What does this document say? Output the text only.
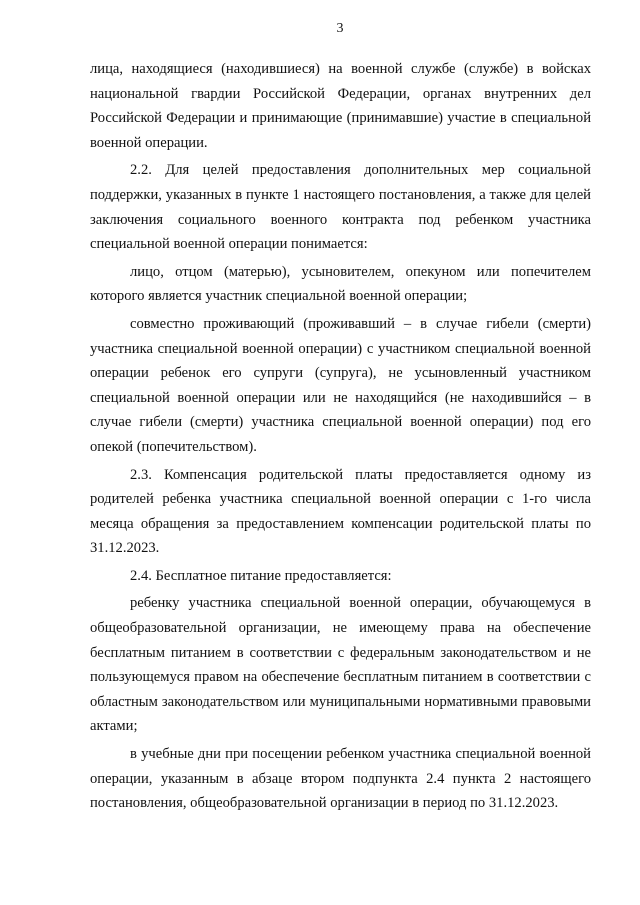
3

лица, находящиеся (находившиеся) на военной службе (службе) в войсках национальной гвардии Российской Федерации, органах внутренних дел Российской Федерации и принимающие (принимавшие) участие в специальной военной операции.

2.2. Для целей предоставления дополнительных мер социальной поддержки, указанных в пункте 1 настоящего постановления, а также для целей заключения социального военного контракта под ребенком участника специальной военной операции понимается:

лицо, отцом (матерью), усыновителем, опекуном или попечителем которого является участник специальной военной операции;

совместно проживающий (проживавший – в случае гибели (смерти) участника специальной военной операции) с участником специальной военной операции ребенок его супруги (супруга), не усыновленный участником специальной военной операции или не находящийся (не находившийся – в случае гибели (смерти) участника специальной военной операции) под его опекой (попечительством).

2.3. Компенсация родительской платы предоставляется одному из родителей ребенка участника специальной военной операции с 1-го числа месяца обращения за предоставлением компенсации родительской платы по 31.12.2023.

2.4. Бесплатное питание предоставляется:

ребенку участника специальной военной операции, обучающемуся в общеобразовательной организации, не имеющему права на обеспечение бесплатным питанием в соответствии с федеральным законодательством и не пользующемуся правом на обеспечение бесплатным питанием в соответствии с областным законодательством или муниципальными нормативными правовыми актами;

в учебные дни при посещении ребенком участника специальной военной операции, указанным в абзаце втором подпункта 2.4 пункта 2 настоящего постановления, общеобразовательной организации в период по 31.12.2023.
